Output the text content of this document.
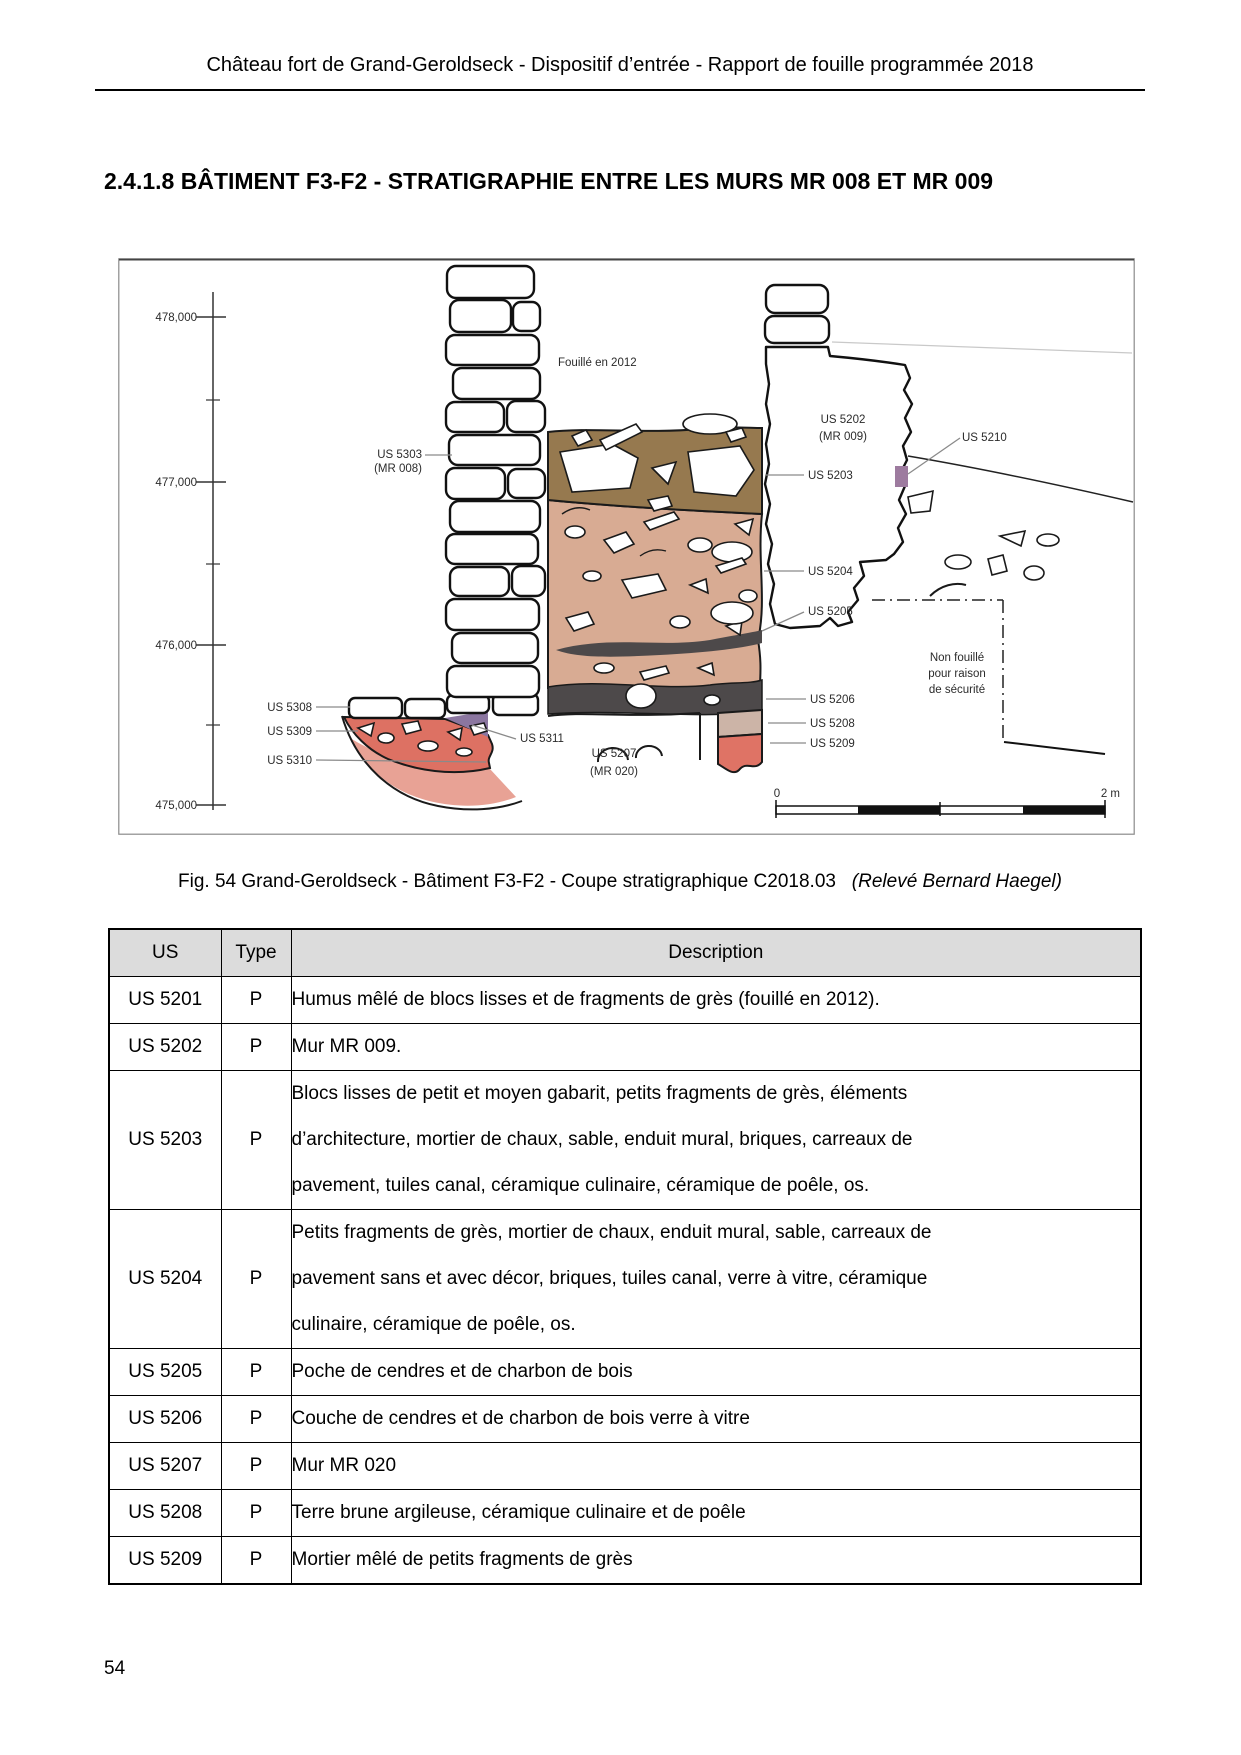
Château fort de Grand-Geroldseck - Dispositif d’entrée - Rapport de fouille programmée 2018
2.4.1.8 BÂTIMENT F3-F2 - STRATIGRAPHIE ENTRE LES MURS MR 008 ET MR 009
478,000
477,000
476,000
475,000
US 5303
(MR 008)
Fouillé en 2012
US 5202
(MR 009)	US 5210
US 5203
US 5204
US 5205
US 5206
US 5208
US 5209
US 5308
US 5309
US 5310
US 5311
US 5207
(MR 020)
Non fouillé
pour raison
de sécurité
0	2 m
Fig. 54 Grand-Geroldseck - Bâtiment F3-F2 - Coupe stratigraphique C2018.03 (Relevé Bernard Haegel)
US	Type	Description
US 5201	P	Humus mêlé de blocs lisses et de fragments de grès (fouillé en 2012).

US 5202	P	Mur MR 009.

US 5203	P	Blocs lisses de petit et moyen gabarit, petits fragments de grès, éléments
d’architecture, mortier de chaux, sable, enduit mural, briques, carreaux de
pavement, tuiles canal, céramique culinaire, céramique de poêle, os.

US 5204	P	Petits fragments de grès, mortier de chaux, enduit mural, sable, carreaux de
pavement sans et avec décor, briques, tuiles canal, verre à vitre, céramique
culinaire, céramique de poêle, os.

US 5205	P	Poche de cendres et de charbon de bois

US 5206	P	Couche de cendres et de charbon de bois verre à vitre

US 5207	P	Mur MR 020

US 5208	P	Terre brune argileuse, céramique culinaire et de poêle

US 5209	P	Mortier mêlé de petits fragments de grès
54
